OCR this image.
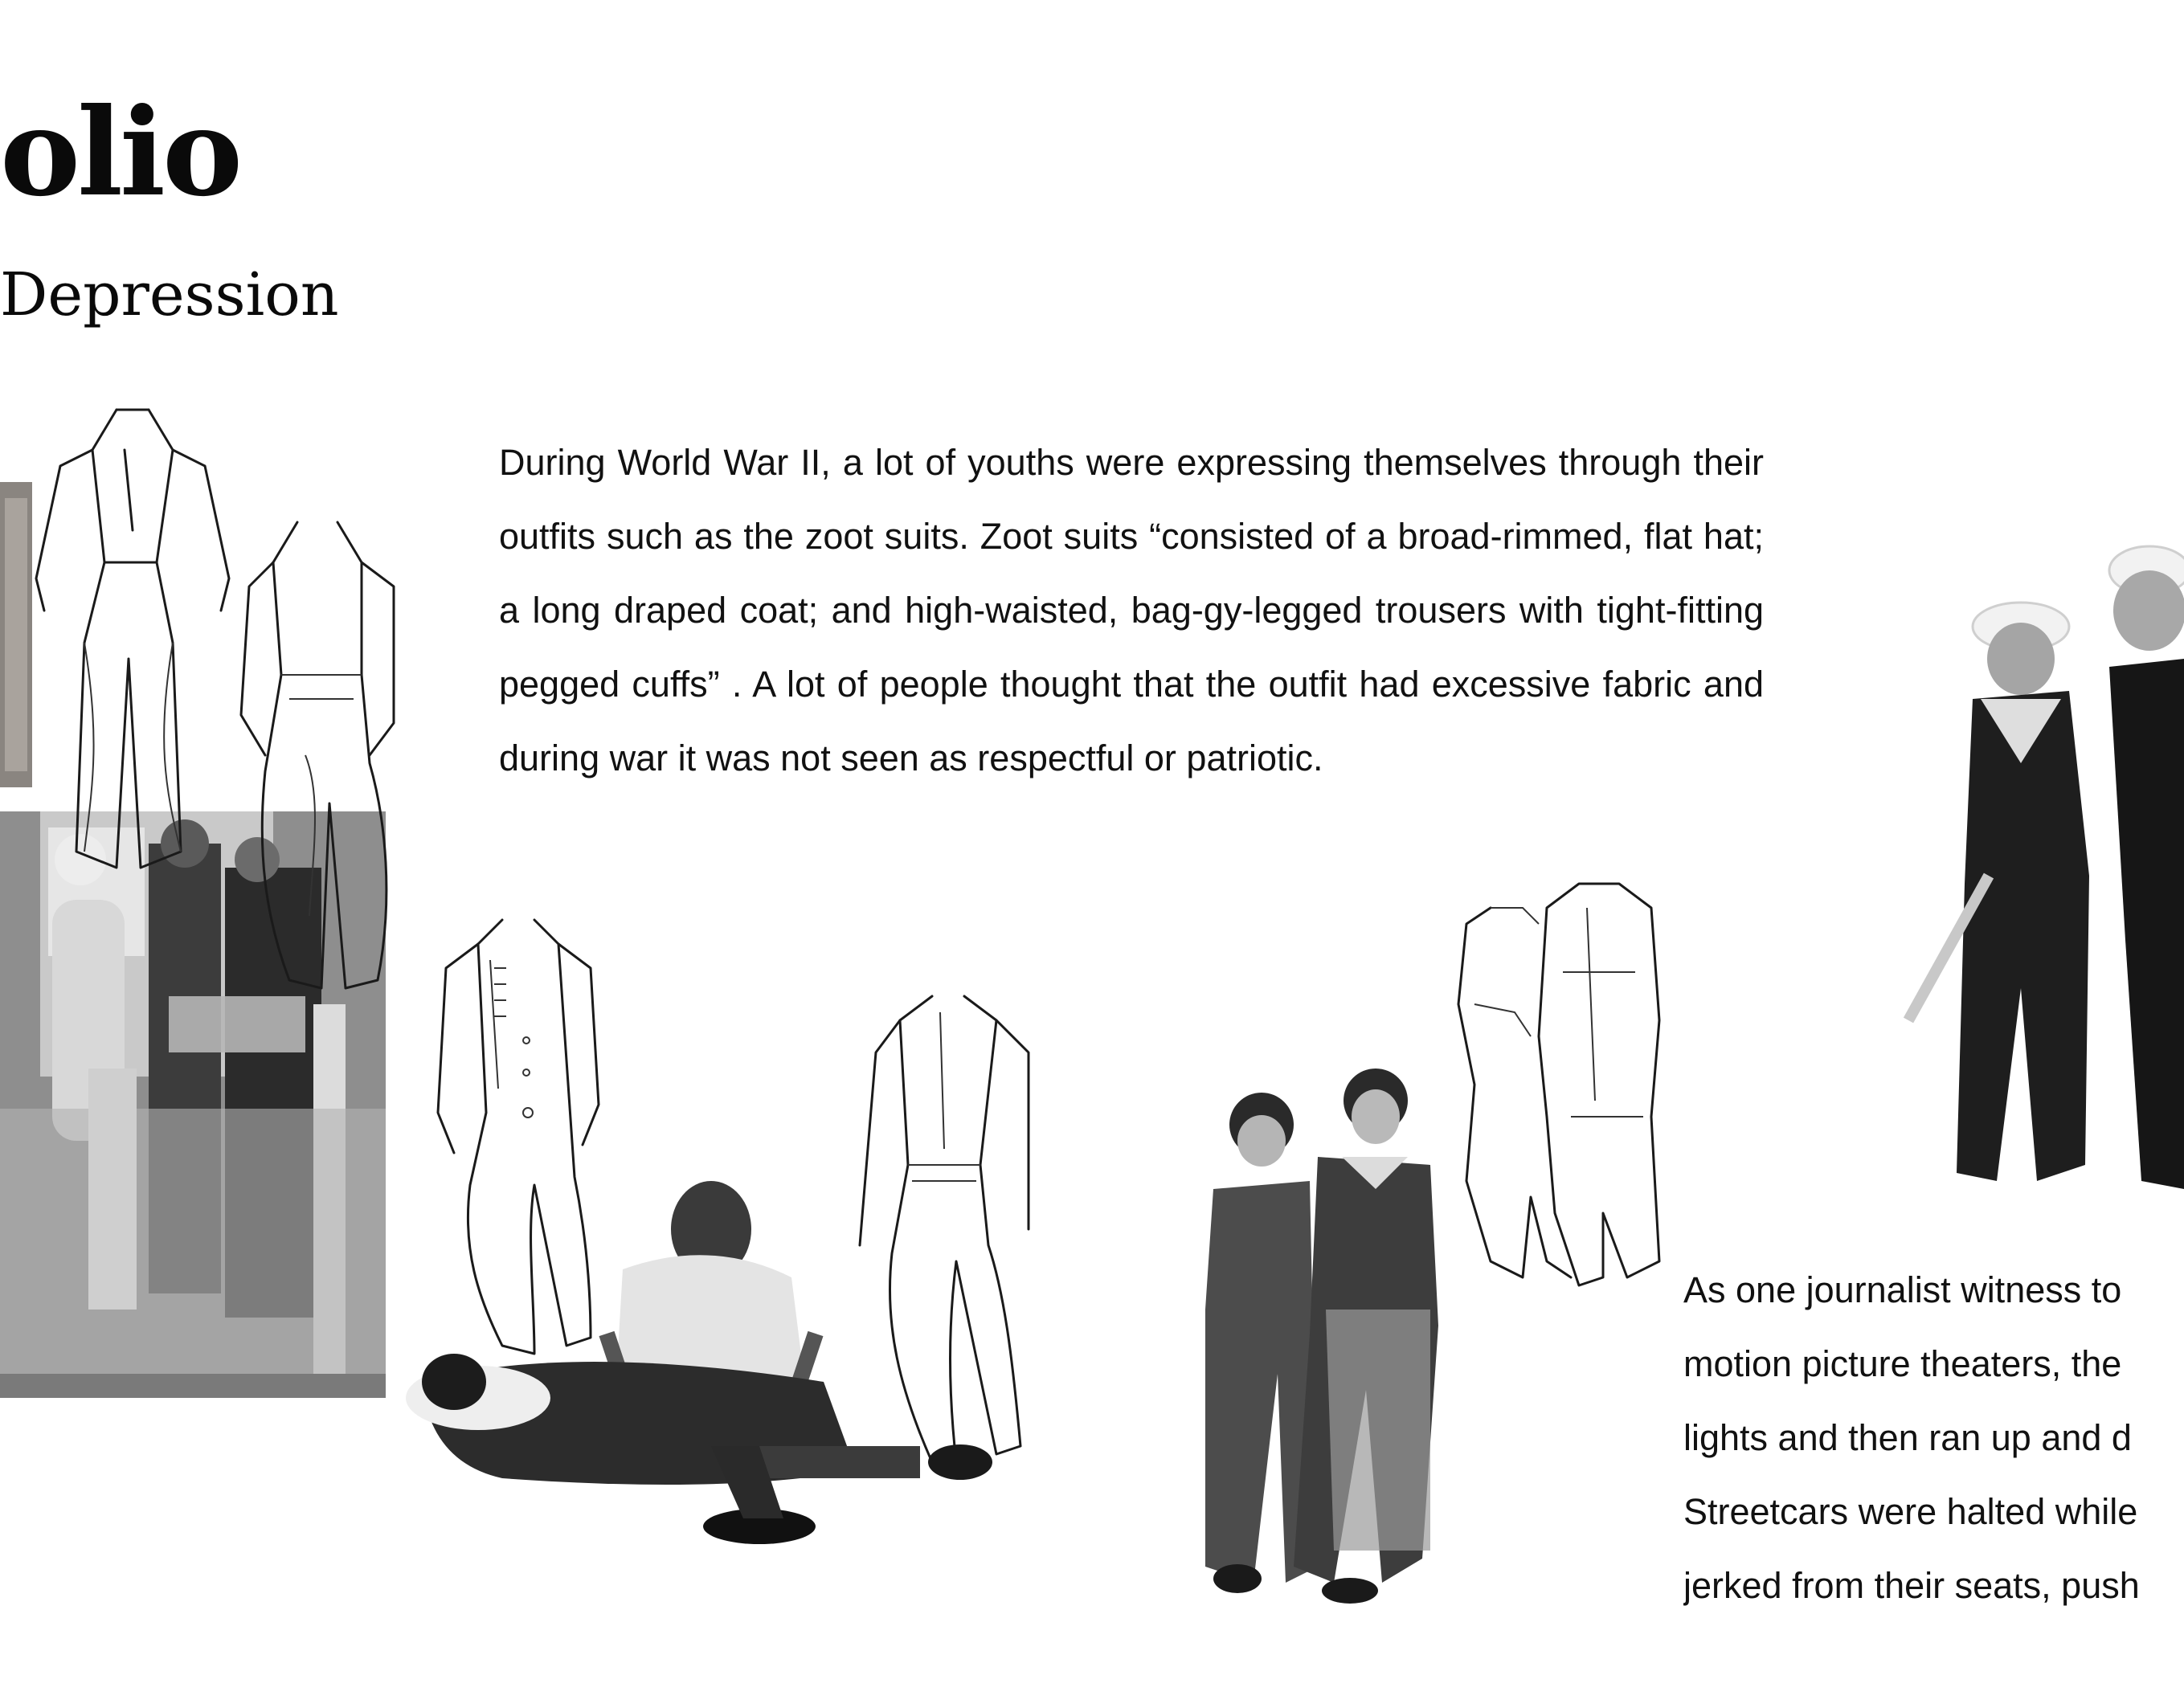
olio
Depression

During World War II, a lot of youths were expressing themselves through their outfits such as the zoot suits. Zoot suits “consisted of a broad-rimmed, flat hat; a long draped coat; and high-waisted, bag-gy-legged trousers with tight-fitting pegged cuffs” . A lot of people thought that the outfit had excessive fabric and during war it was not seen as respectful or patriotic.

As one journalist witness to
motion picture theaters, the
lights and then ran up and d
Streetcars were halted while
jerked from their seats, push
